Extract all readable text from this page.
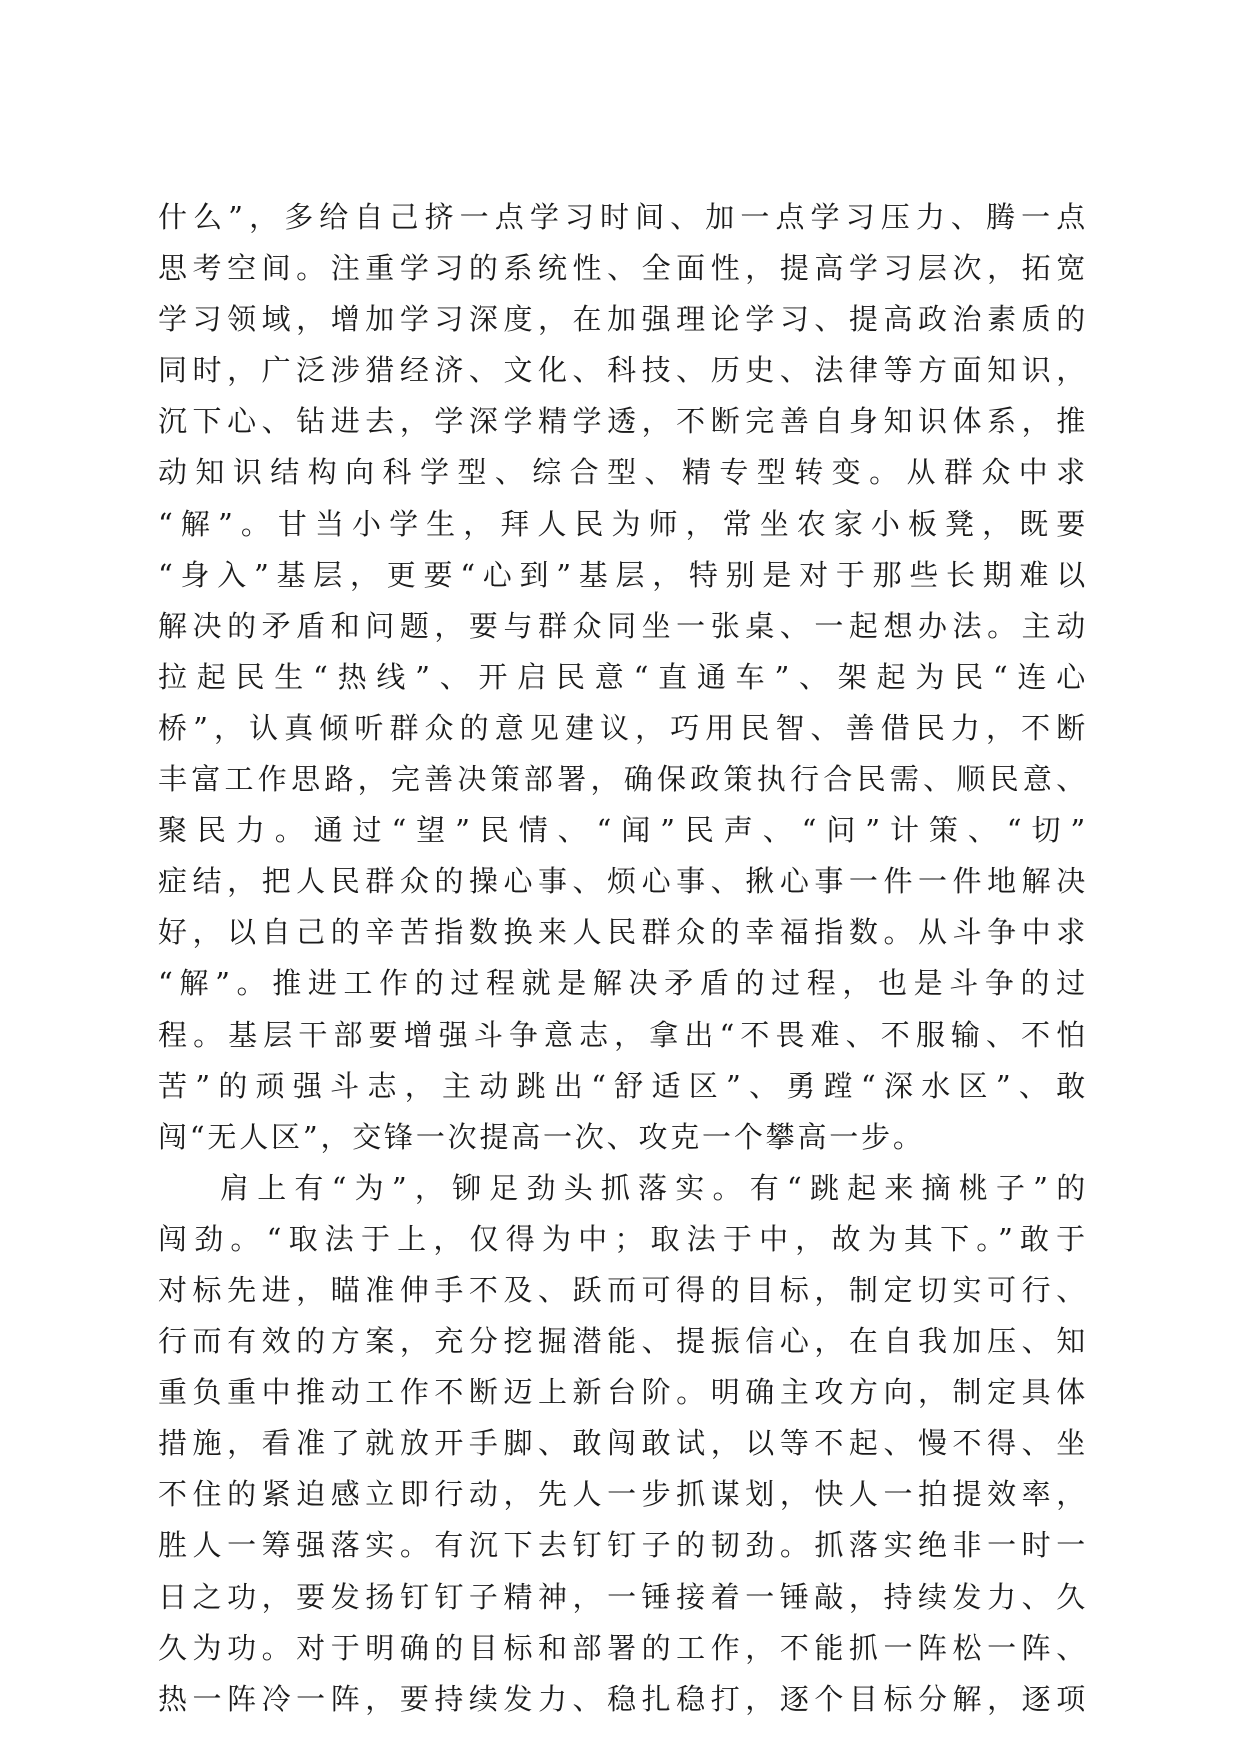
什么”，多给自己挤一点学习时间、加一点学习压力、腾一点
思考空间。注重学习的系统性、全面性，提高学习层次，拓宽
学习领域，增加学习深度，在加强理论学习、提高政治素质的
同时，广泛涉猎经济、文化、科技、历史、法律等方面知识，
沉下心、钻进去，学深学精学透，不断完善自身知识体系，推
动知识结构向科学型、综合型、精专型转变。从群众中求
“解”。甘当小学生，拜人民为师，常坐农家小板凳，既要
“身入”基层，更要“心到”基层，特别是对于那些长期难以
解决的矛盾和问题，要与群众同坐一张桌、一起想办法。主动
拉起民生“热线”、开启民意“直通车”、架起为民“连心
桥”，认真倾听群众的意见建议，巧用民智、善借民力，不断
丰富工作思路，完善决策部署，确保政策执行合民需、顺民意、
聚民力。通过“望”民情、“闻”民声、“问”计策、“切”
症结，把人民群众的操心事、烦心事、揪心事一件一件地解决
好，以自己的辛苦指数换来人民群众的幸福指数。从斗争中求
“解”。推进工作的过程就是解决矛盾的过程，也是斗争的过
程。基层干部要增强斗争意志，拿出“不畏难、不服输、不怕
苦”的顽强斗志，主动跳出“舒适区”、勇蹚“深水区”、敢
闯“无人区”，交锋一次提高一次、攻克一个攀高一步。
肩上有“为”，铆足劲头抓落实。有“跳起来摘桃子”的
闯劲。“取法于上，仅得为中；取法于中，故为其下。”敢于
对标先进，瞄准伸手不及、跃而可得的目标，制定切实可行、
行而有效的方案，充分挖掘潜能、提振信心，在自我加压、知
重负重中推动工作不断迈上新台阶。明确主攻方向，制定具体
措施，看准了就放开手脚、敢闯敢试，以等不起、慢不得、坐
不住的紧迫感立即行动，先人一步抓谋划，快人一拍提效率，
胜人一筹强落实。有沉下去钉钉子的韧劲。抓落实绝非一时一
日之功，要发扬钉钉子精神，一锤接着一锤敲，持续发力、久
久为功。对于明确的目标和部署的工作，不能抓一阵松一阵、
热一阵冷一阵，要持续发力、稳扎稳打，逐个目标分解，逐项
